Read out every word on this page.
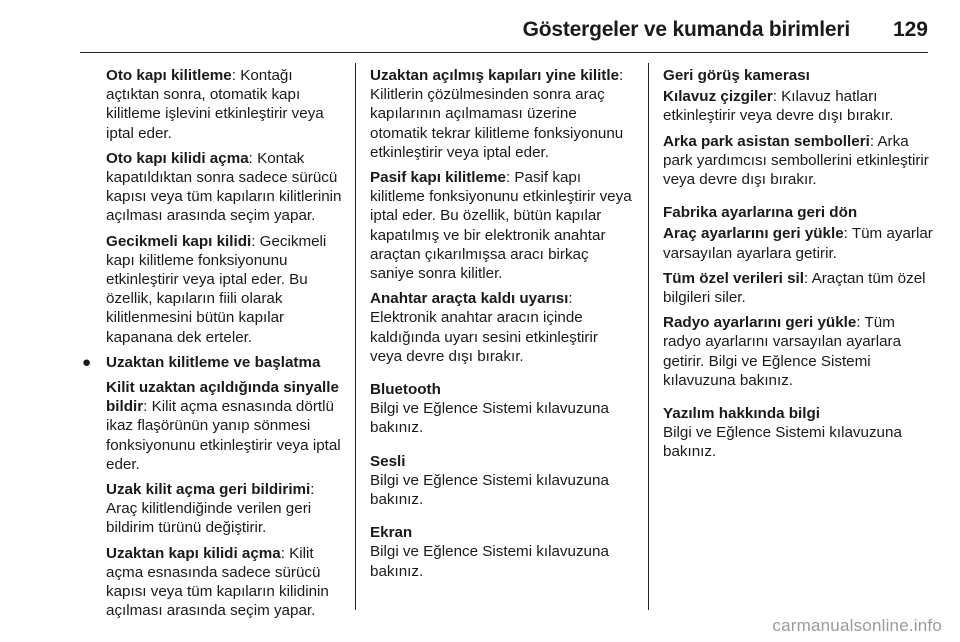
Göstergeler ve kumanda birimleri	129

Oto kapı kilitleme: Kontağı açtıktan sonra, otomatik kapı kilitleme işlevini etkinleştirir veya iptal eder.

Oto kapı kilidi açma: Kontak kapatıldıktan sonra sadece sürücü kapısı veya tüm kapıların kilitlerinin açılması arasında seçim yapar.

Gecikmeli kapı kilidi: Gecikmeli kapı kilitleme fonksiyonunu etkinleştirir veya iptal eder. Bu özellik, kapıların fiili olarak kilitlenmesini bütün kapılar kapanana dek erteler.

● Uzaktan kilitleme ve başlatma

Kilit uzaktan açıldığında sinyalle bildir: Kilit açma esnasında dörtlü ikaz flaşörünün yanıp sönmesi fonksiyonunu etkinleştirir veya iptal eder.

Uzak kilit açma geri bildirimi: Araç kilitlendiğinde verilen geri bildirim türünü değiştirir.

Uzaktan kapı kilidi açma: Kilit açma esnasında sadece sürücü kapısı veya tüm kapıların kilidinin açılması arasında seçim yapar.

Uzaktan açılmış kapıları yine kilitle: Kilitlerin çözülmesinden sonra araç kapılarının açılmaması üzerine otomatik tekrar kilitleme fonksiyonunu etkinleştirir veya iptal eder.

Pasif kapı kilitleme: Pasif kapı kilitleme fonksiyonunu etkinleştirir veya iptal eder. Bu özellik, bütün kapılar kapatılmış ve bir elektronik anahtar araçtan çıkarılmışsa aracı birkaç saniye sonra kilitler.

Anahtar araçta kaldı uyarısı: Elektronik anahtar aracın içinde kaldığında uyarı sesini etkinleştirir veya devre dışı bırakır.

Bluetooth

Bilgi ve Eğlence Sistemi kılavuzuna bakınız.

Sesli

Bilgi ve Eğlence Sistemi kılavuzuna bakınız.

Ekran

Bilgi ve Eğlence Sistemi kılavuzuna bakınız.

Geri görüş kamerası

Kılavuz çizgiler: Kılavuz hatları etkinleştirir veya devre dışı bırakır.

Arka park asistan sembolleri: Arka park yardımcısı sembollerini etkinleştirir veya devre dışı bırakır.

Fabrika ayarlarına geri dön

Araç ayarlarını geri yükle: Tüm ayarlar varsayılan ayarlara getirir.

Tüm özel verileri sil: Araçtan tüm özel bilgileri siler.

Radyo ayarlarını geri yükle: Tüm radyo ayarlarını varsayılan ayarlara getirir. Bilgi ve Eğlence Sistemi kılavuzuna bakınız.

Yazılım hakkında bilgi

Bilgi ve Eğlence Sistemi kılavuzuna bakınız.

carmanualsonline.info
